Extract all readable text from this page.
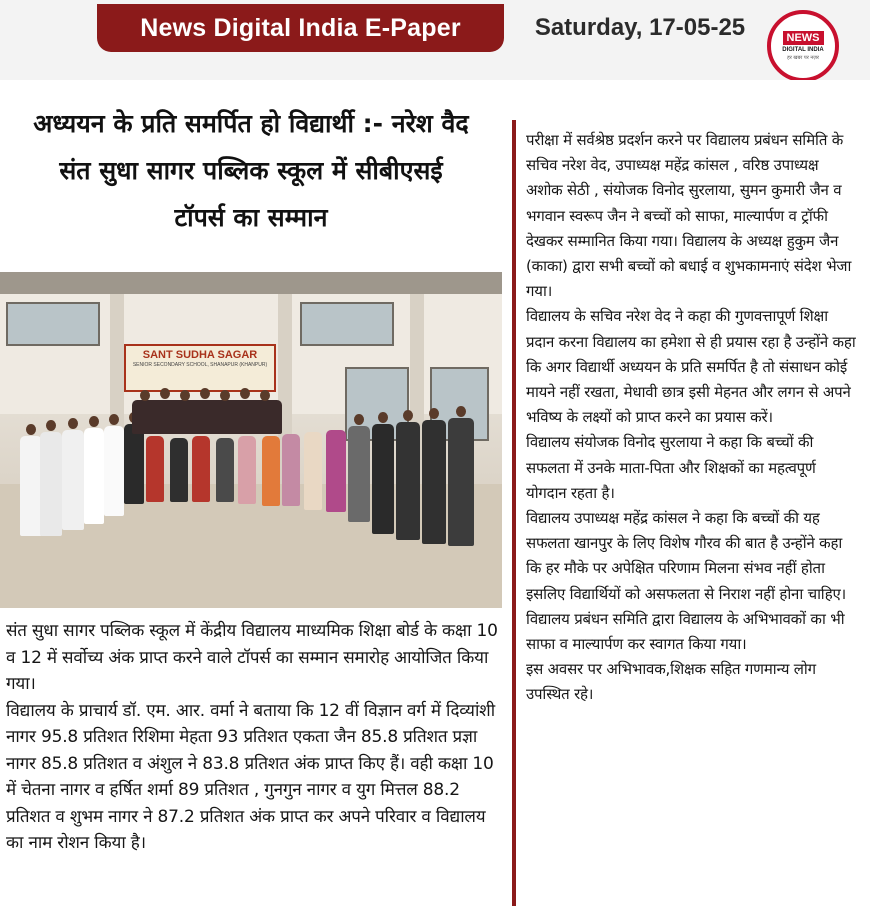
News Digital India E-Paper	Saturday, 17-05-25	NEWS
DIGITAL INDIA
हर खबर पर नज़र
अध्ययन के प्रति समर्पित हो विद्यार्थी :- नरेश वैद
संत सुधा सागर पब्लिक स्कूल में सीबीएसई
टॉपर्स का सम्मान
SANT SUDHA SAGAR
SENIOR SECONDARY SCHOOL, SHANAPUR (KHANPUR)

संत सुधा सागर पब्लिक स्कूल में केंद्रीय विद्यालय माध्यमिक शिक्षा बोर्ड के कक्षा 10 व 12 में सर्वोच्य अंक प्राप्त करने वाले टॉपर्स का सम्मान समारोह आयोजित किया गया।

विद्यालय के प्राचार्य डॉ. एम. आर. वर्मा ने बताया कि 12 वीं विज्ञान वर्ग में दिव्यांशी नागर 95.8 प्रतिशत रिशिमा मेहता 93 प्रतिशत एकता जैन 85.8 प्रतिशत प्रज्ञा नागर 85.8 प्रतिशत व अंशुल ने 83.8 प्रतिशत अंक प्राप्त किए हैं। वही कक्षा 10 में चेतना नागर व हर्षित शर्मा 89 प्रतिशत , गुनगुन नागर व युग मित्तल 88.2 प्रतिशत व शुभम नागर ने 87.2 प्रतिशत अंक प्राप्त कर अपने परिवार व विद्यालय का नाम रोशन किया है।

परीक्षा में सर्वश्रेष्ठ प्रदर्शन करने पर विद्यालय प्रबंधन समिति के सचिव नरेश वेद, उपाध्यक्ष महेंद्र कांसल , वरिष्ठ उपाध्यक्ष अशोक सेठी , संयोजक विनोद सुरलाया, सुमन कुमारी जैन व भगवान स्वरूप जैन ने बच्चों को साफा, माल्यार्पण व ट्रॉफी देखकर सम्मानित किया गया। विद्यालय के अध्यक्ष हुकुम जैन (काका) द्वारा सभी बच्चों को बधाई व शुभकामनाएं संदेश भेजा गया।

विद्यालय के सचिव नरेश वेद ने कहा की गुणवत्तापूर्ण शिक्षा प्रदान करना विद्यालय का हमेशा से ही प्रयास रहा है उन्होंने कहा कि अगर विद्यार्थी अध्ययन के प्रति समर्पित है तो संसाधन कोई मायने नहीं रखता, मेधावी छात्र इसी मेहनत और लगन से अपने भविष्य के लक्ष्यों को प्राप्त करने का प्रयास करें।

विद्यालय संयोजक विनोद सुरलाया ने कहा कि बच्चों की सफलता में उनके माता-पिता और शिक्षकों का महत्वपूर्ण योगदान रहता है।

विद्यालय उपाध्यक्ष महेंद्र कांसल ने कहा कि बच्चों की यह सफलता खानपुर के लिए विशेष गौरव की बात है उन्होंने कहा कि हर मौके पर अपेक्षित परिणाम मिलना संभव नहीं होता इसलिए विद्यार्थियों को असफलता से निराश नहीं होना चाहिए। विद्यालय प्रबंधन समिति द्वारा विद्यालय के अभिभावकों का भी साफा व माल्यार्पण कर स्वागत किया गया।

इस अवसर पर अभिभावक,शिक्षक सहित गणमान्य लोग उपस्थित रहे।
